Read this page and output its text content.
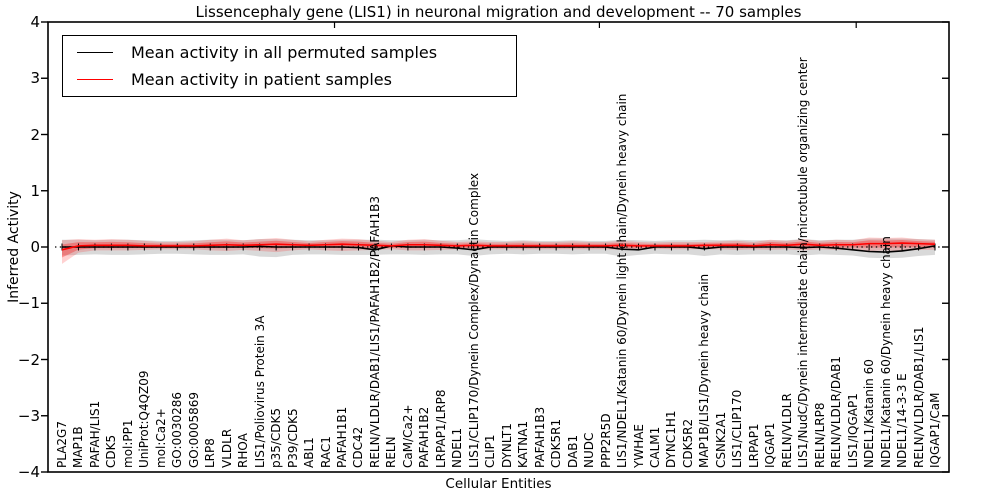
Lissencephaly gene (LIS1) in neuronal migration and development -- 70 samples
Inferred Activity
Cellular Entities
−4
−3
−2
−1
0
1
2
3
4
PLA2G7 MAP1B PAFAH/LIS1 CDK5 mol:PP1 UniProt:Q4QZ09 mol:Ca2+ GO:0030286 GO:0005869 LRP8 VLDLR RHOA LIS1/Poliovirus Protein 3A p35/CDK5 P39/CDK5 ABL1 RAC1 PAFAH1B1 CDC42 RELN/VLDLR/DAB1/LIS1/PAFAH1B2/PAFAH1B3 RELN CaM/Ca2+ PAFAH1B2 LRPAP1/LRP8 NDEL1 LIS1/CLIP170/Dynein Complex/Dynactin Complex CLIP1 DYNLT1 KATNA1 PAFAH1B3 CDK5R1 DAB1 NUDC PPP2R5D LIS1/NDEL1/Katanin 60/Dynein light chain/Dynein heavy chain YWHAE CALM1 DYNC1H1 CDK5R2 MAP1B/LIS1/Dynein heavy chain CSNK2A1 LIS1/CLIP170 LRPAP1 IQGAP1 RELN/VLDLR LIS1/NudC/Dynein intermediate chain/microtubule organizing center RELN/LRP8 RELN/VLDLR/DAB1 LIS1/IQGAP1 NDEL1/Katanin 60 NDEL1/Katanin 60/Dynein heavy chain NDEL1/14-3-3 E RELN/VLDLR/DAB1/LIS1 IQGAP1/CaM
Mean activity in all permuted samples
Mean activity in patient samples
